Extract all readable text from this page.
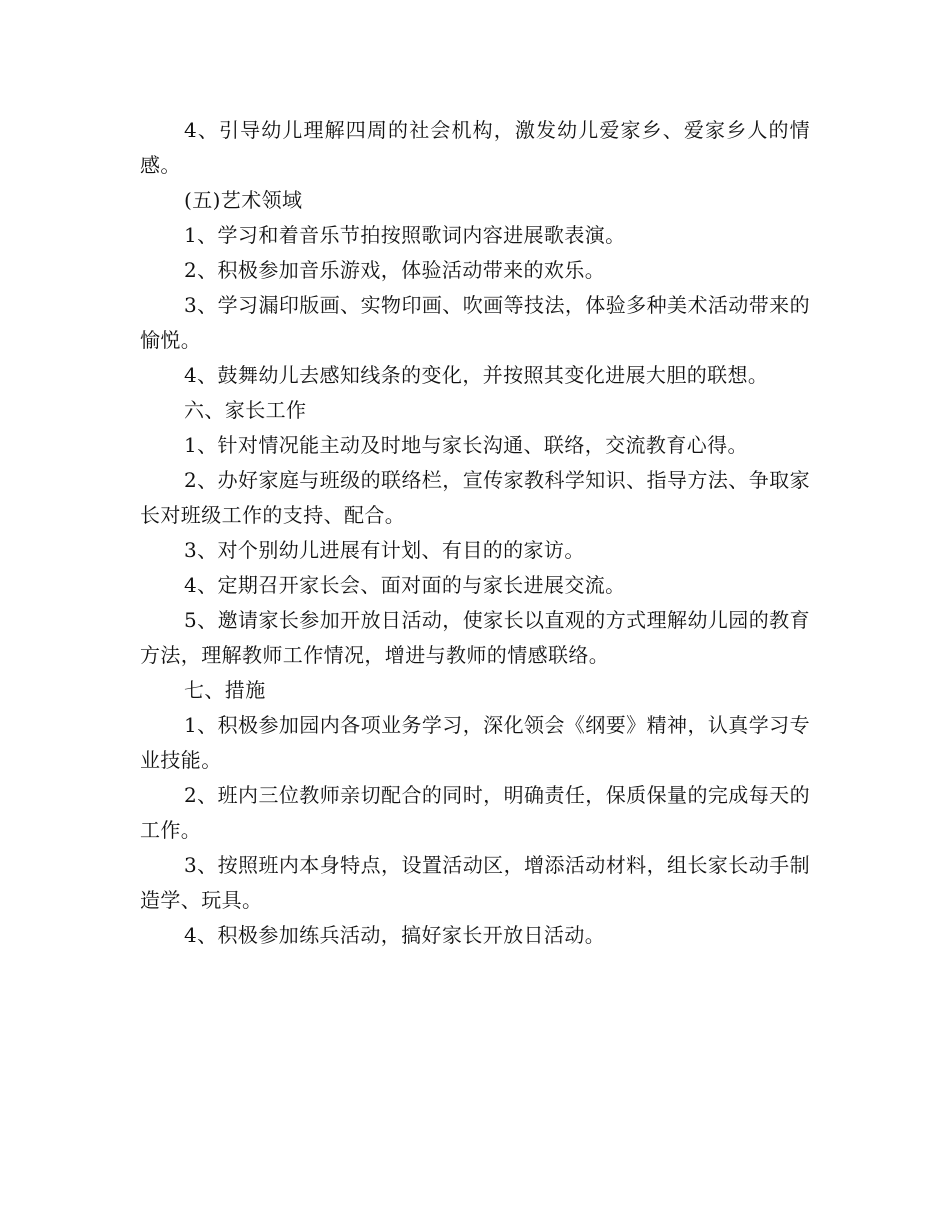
4、引导幼儿理解四周的社会机构，激发幼儿爱家乡、爱家乡人的情感。

(五)艺术领域

1、学习和着音乐节拍按照歌词内容进展歌表演。

2、积极参加音乐游戏，体验活动带来的欢乐。

3、学习漏印版画、实物印画、吹画等技法，体验多种美术活动带来的愉悦。

4、鼓舞幼儿去感知线条的变化，并按照其变化进展大胆的联想。

六、家长工作

1、针对情况能主动及时地与家长沟通、联络，交流教育心得。

2、办好家庭与班级的联络栏，宣传家教科学知识、指导方法、争取家长对班级工作的支持、配合。

3、对个别幼儿进展有计划、有目的的家访。

4、定期召开家长会、面对面的与家长进展交流。

5、邀请家长参加开放日活动，使家长以直观的方式理解幼儿园的教育方法，理解教师工作情况，增进与教师的情感联络。

七、措施

1、积极参加园内各项业务学习，深化领会《纲要》精神，认真学习专业技能。

2、班内三位教师亲切配合的同时，明确责任，保质保量的完成每天的工作。

3、按照班内本身特点，设置活动区，增添活动材料，组长家长动手制造学、玩具。

4、积极参加练兵活动，搞好家长开放日活动。
